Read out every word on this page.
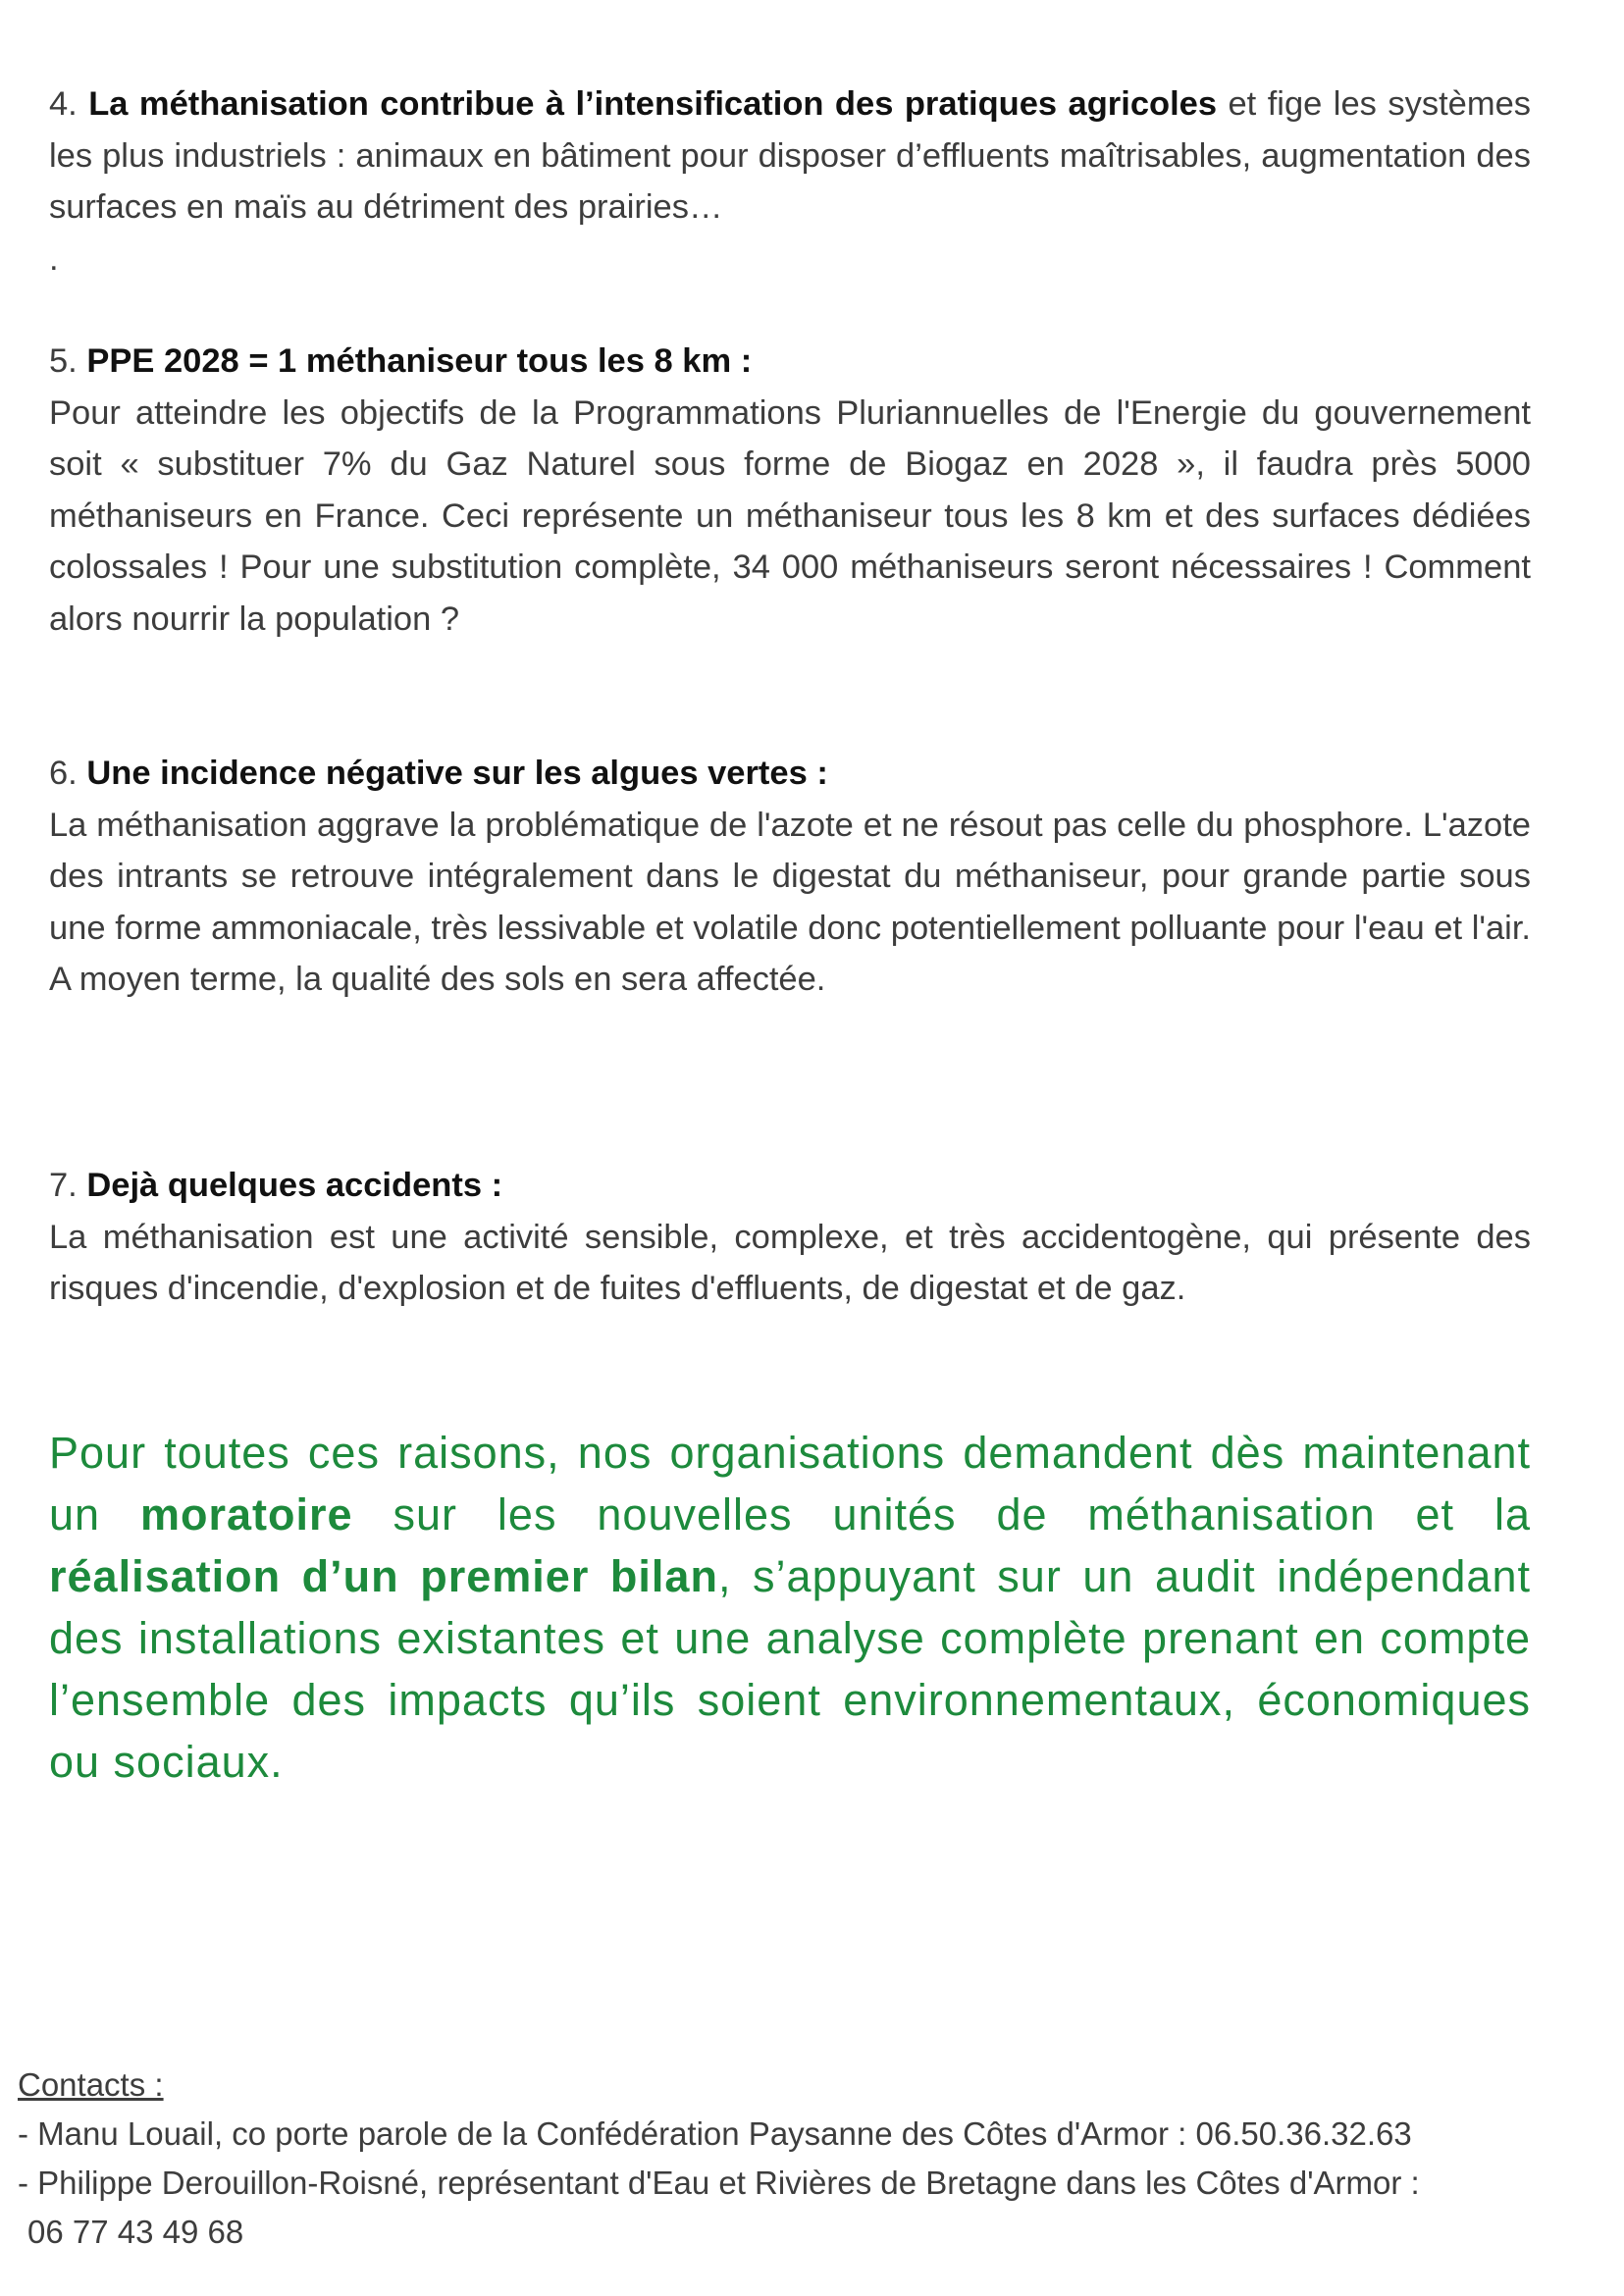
4. La méthanisation contribue à l’intensification des pratiques agricoles et fige les systèmes les plus industriels : animaux en bâtiment pour disposer d’effluents maîtrisables, augmentation des surfaces en maïs au détriment des prairies…

.

5. PPE 2028 = 1 méthaniseur tous les 8 km :

Pour atteindre les objectifs de la Programmations Pluriannuelles de l'Energie du gouvernement soit « substituer 7% du Gaz Naturel sous forme de Biogaz en 2028 », il faudra près 5000 méthaniseurs en France. Ceci représente un méthaniseur tous les 8 km et des surfaces dédiées colossales ! Pour une substitution complète, 34 000 méthaniseurs seront nécessaires ! Comment alors nourrir la population ?

6. Une incidence négative sur les algues vertes :

La méthanisation aggrave la problématique de l'azote et ne résout pas celle du phosphore. L'azote des intrants se retrouve intégralement dans le digestat du méthaniseur, pour grande partie sous une forme ammoniacale, très lessivable et volatile donc potentiellement polluante pour l'eau et l'air. A moyen terme, la qualité des sols en sera affectée.

7. Dejà quelques accidents :

La méthanisation est une activité sensible, complexe, et très accidentogène, qui présente des risques d'incendie, d'explosion et de fuites d'effluents, de digestat et de gaz.

Pour toutes ces raisons, nos organisations demandent dès maintenant un moratoire sur les nouvelles unités de méthanisation et la réalisation d’un premier bilan, s’appuyant sur un audit indépendant des installations existantes et une analyse complète prenant en compte l’ensemble des impacts qu’ils soient environnementaux, économiques ou sociaux.
Contacts :
- Manu Louail, co porte parole de la Confédération Paysanne des Côtes d'Armor : 06.50.36.32.63
- Philippe Derouillon-Roisné, représentant d'Eau et Rivières de Bretagne dans les Côtes d'Armor :
06 77 43 49 68
